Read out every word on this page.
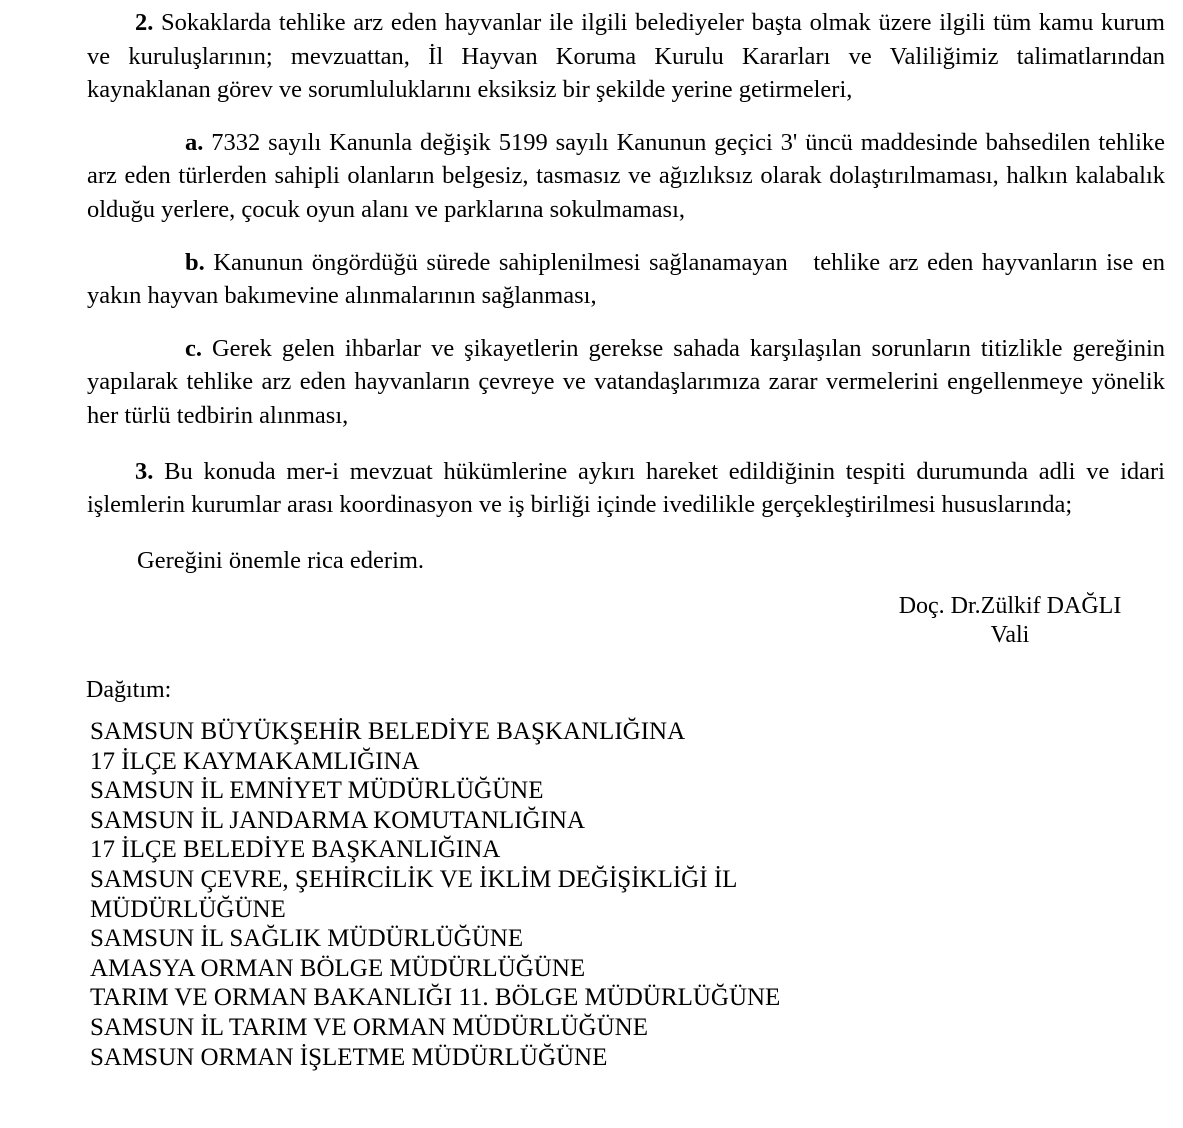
2. Sokaklarda tehlike arz eden hayvanlar ile ilgili belediyeler başta olmak üzere ilgili tüm kamu kurum ve kuruluşlarının; mevzuattan, İl Hayvan Koruma Kurulu Kararları ve Valiliğimiz talimatlarından kaynaklanan görev ve sorumluluklarını eksiksiz bir şekilde yerine getirmeleri,

a. 7332 sayılı Kanunla değişik 5199 sayılı Kanunun geçici 3' üncü maddesinde bahsedilen tehlike arz eden türlerden sahipli olanların belgesiz, tasmasız ve ağızlıksız olarak dolaştırılmaması, halkın kalabalık olduğu yerlere, çocuk oyun alanı ve parklarına sokulmaması,

b. Kanunun öngördüğü sürede sahiplenilmesi sağlanamayan   tehlike arz eden hayvanların ise en yakın hayvan bakımevine alınmalarının sağlanması,

c. Gerek gelen ihbarlar ve şikayetlerin gerekse sahada karşılaşılan sorunların titizlikle gereğinin yapılarak tehlike arz eden hayvanların çevreye ve vatandaşlarımıza zarar vermelerini engellenmeye yönelik her türlü tedbirin alınması,

3. Bu konuda mer-i mevzuat hükümlerine aykırı hareket edildiğinin tespiti durumunda adli ve idari işlemlerin kurumlar arası koordinasyon ve iş birliği içinde ivedilikle gerçekleştirilmesi hususlarında;

Gereğini önemle rica ederim.

Doç. Dr.Zülkif DAĞLI
Vali
Dağıtım:
SAMSUN BÜYÜKŞEHİR BELEDİYE BAŞKANLIĞINA
17 İLÇE KAYMAKAMLIĞINA
SAMSUN İL EMNİYET MÜDÜRLÜĞÜNE
SAMSUN İL JANDARMA KOMUTANLIĞINA
17 İLÇE BELEDİYE BAŞKANLIĞINA
SAMSUN ÇEVRE, ŞEHİRCİLİK VE İKLİM DEĞİŞİKLİĞİ İL
MÜDÜRLÜĞÜNE
SAMSUN İL SAĞLIK MÜDÜRLÜĞÜNE
AMASYA ORMAN BÖLGE MÜDÜRLÜĞÜNE
TARIM VE ORMAN BAKANLIĞI 11. BÖLGE MÜDÜRLÜĞÜNE
SAMSUN İL TARIM VE ORMAN MÜDÜRLÜĞÜNE
SAMSUN ORMAN İŞLETME MÜDÜRLÜĞÜNE
